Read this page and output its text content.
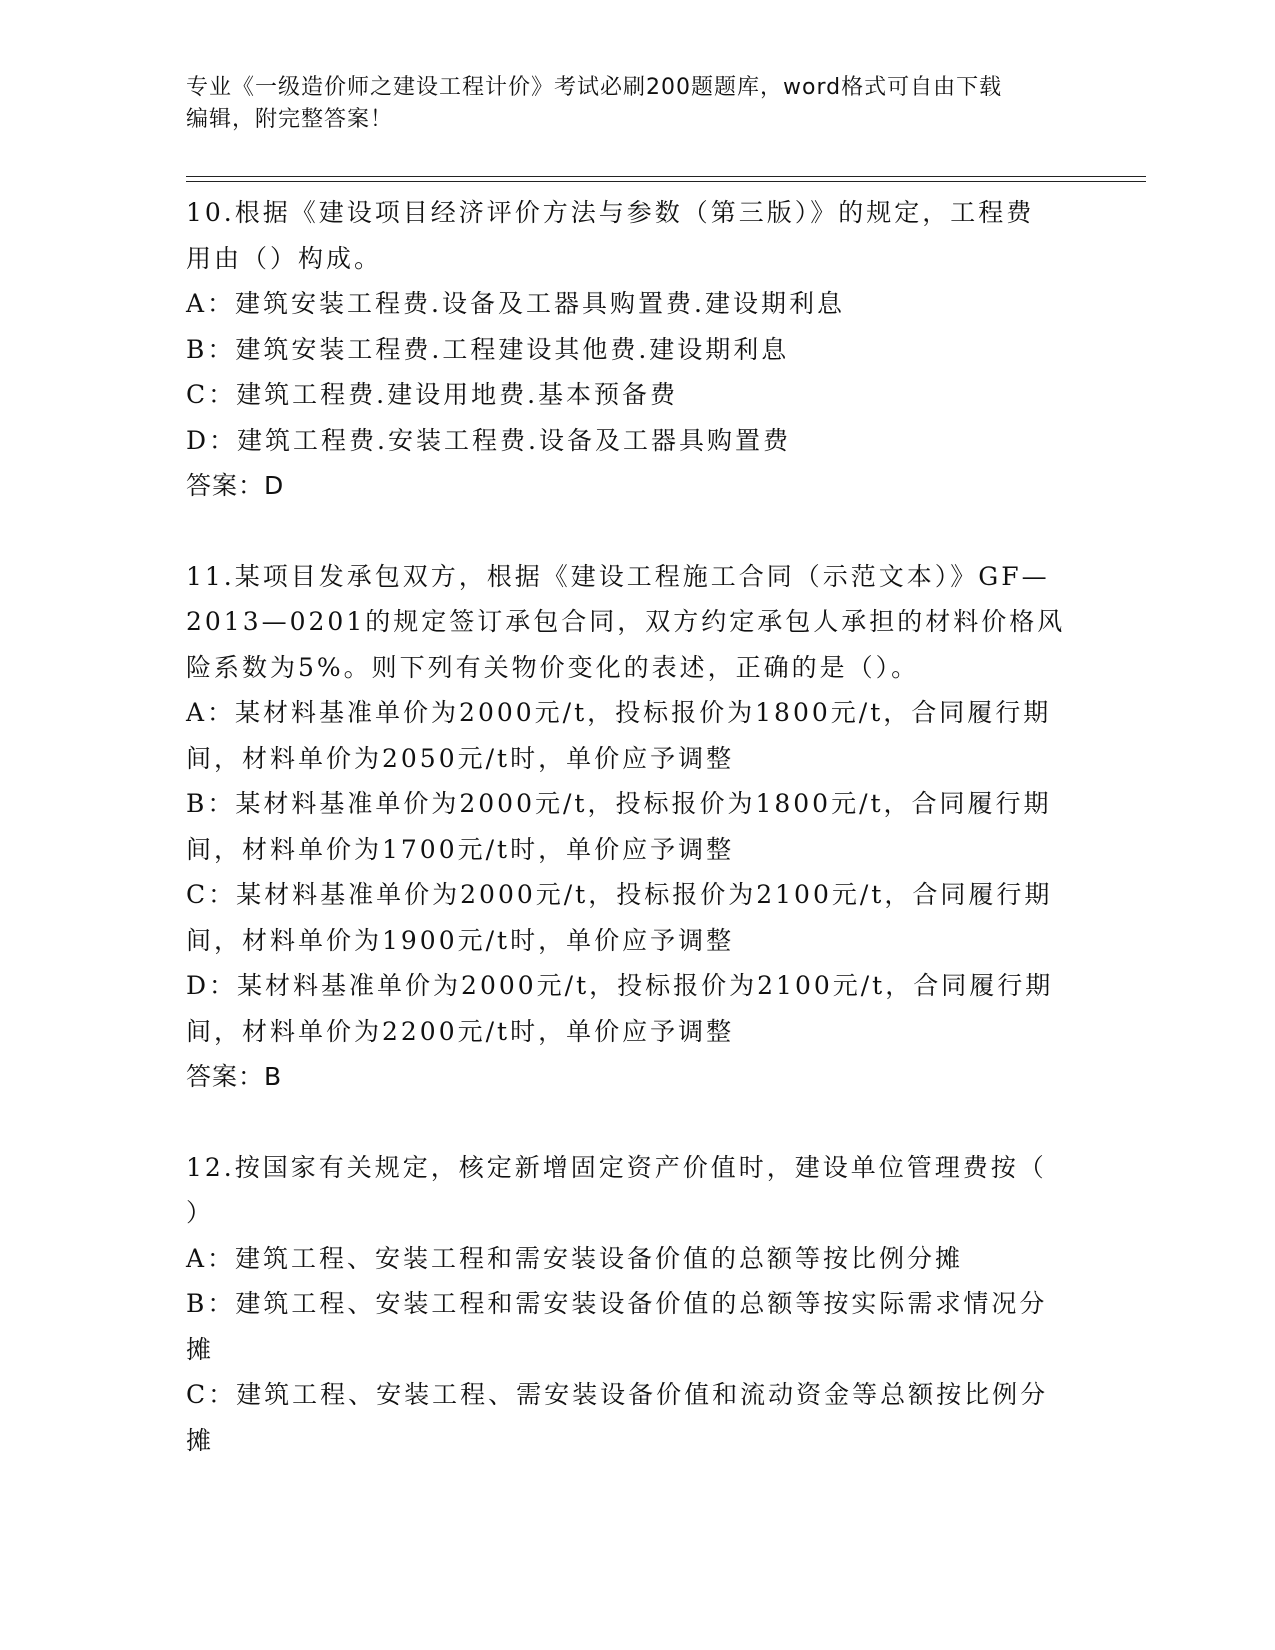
专业《一级造价师之建设工程计价》考试必刷200题题库，word格式可自由下载
编辑，附完整答案！

10.根据《建设项目经济评价方法与参数（第三版）》的规定，工程费

用由（）构成。

A：建筑安装工程费.设备及工器具购置费.建设期利息

B：建筑安装工程费.工程建设其他费.建设期利息

C：建筑工程费.建设用地费.基本预备费

D：建筑工程费.安装工程费.设备及工器具购置费

答案：D

11.某项目发承包双方，根据《建设工程施工合同（示范文本）》GF—

2013—0201的规定签订承包合同，双方约定承包人承担的材料价格风

险系数为5%。则下列有关物价变化的表述，正确的是（）。

A：某材料基准单价为2000元/t，投标报价为1800元/t，合同履行期

间，材料单价为2050元/t时，单价应予调整

B：某材料基准单价为2000元/t，投标报价为1800元/t，合同履行期

间，材料单价为1700元/t时，单价应予调整

C：某材料基准单价为2000元/t，投标报价为2100元/t，合同履行期

间，材料单价为1900元/t时，单价应予调整

D：某材料基准单价为2000元/t，投标报价为2100元/t，合同履行期

间，材料单价为2200元/t时，单价应予调整

答案：B

12.按国家有关规定，核定新增固定资产价值时，建设单位管理费按（

）

A：建筑工程、安装工程和需安装设备价值的总额等按比例分摊

B：建筑工程、安装工程和需安装设备价值的总额等按实际需求情况分

摊

C：建筑工程、安装工程、需安装设备价值和流动资金等总额按比例分

摊
